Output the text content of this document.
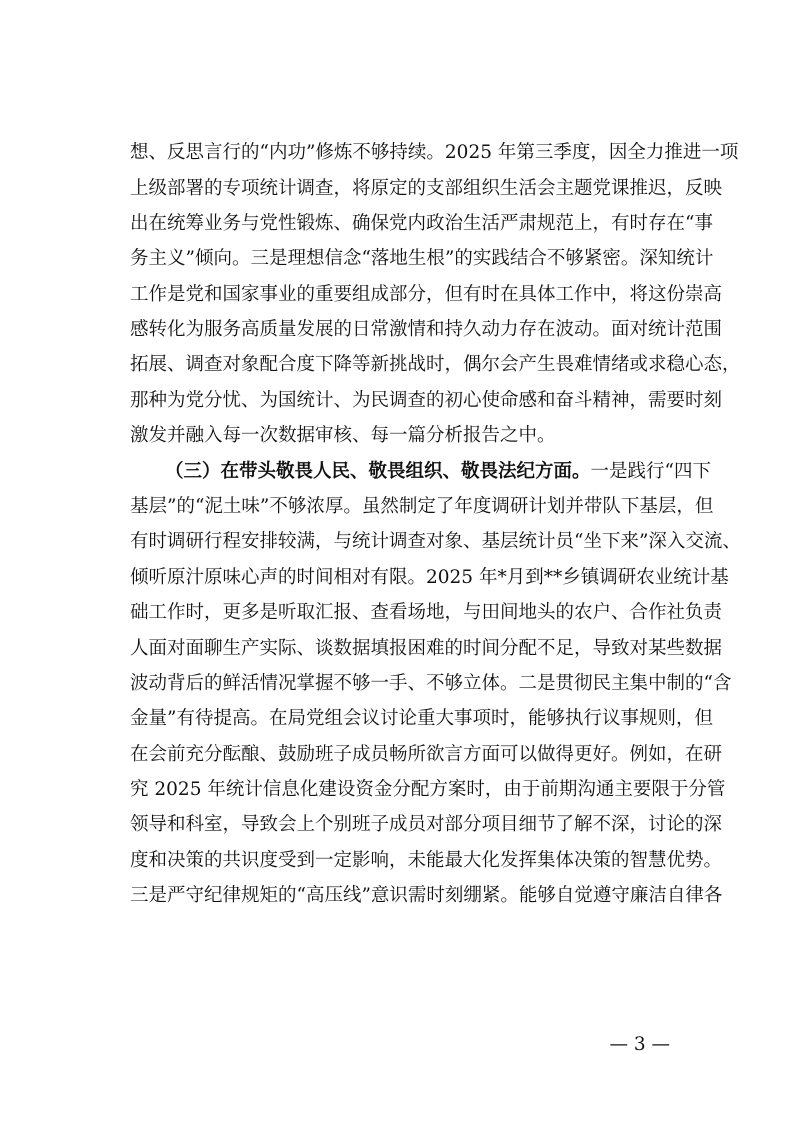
想、反思言行的“内功”修炼不够持续。2025 年第三季度，因全力推进一项
上级部署的专项统计调查，将原定的支部组织生活会主题党课推迟，反映
出在统筹业务与党性锻炼、确保党内政治生活严肃规范上，有时存在“事
务主义”倾向。三是理想信念“落地生根”的实践结合不够紧密。深知统计
工作是党和国家事业的重要组成部分，但有时在具体工作中，将这份崇高
感转化为服务高质量发展的日常激情和持久动力存在波动。面对统计范围
拓展、调查对象配合度下降等新挑战时，偶尔会产生畏难情绪或求稳心态，
那种为党分忧、为国统计、为民调查的初心使命感和奋斗精神，需要时刻
激发并融入每一次数据审核、每一篇分析报告之中。
（三）在带头敬畏人民、敬畏组织、敬畏法纪方面。一是践行“四下
基层”的“泥土味”不够浓厚。虽然制定了年度调研计划并带队下基层，但
有时调研行程安排较满，与统计调查对象、基层统计员“坐下来”深入交流、
倾听原汁原味心声的时间相对有限。2025 年*月到**乡镇调研农业统计基
础工作时，更多是听取汇报、查看场地，与田间地头的农户、合作社负责
人面对面聊生产实际、谈数据填报困难的时间分配不足，导致对某些数据
波动背后的鲜活情况掌握不够一手、不够立体。二是贯彻民主集中制的“含
金量”有待提高。在局党组会议讨论重大事项时，能够执行议事规则，但
在会前充分酝酿、鼓励班子成员畅所欲言方面可以做得更好。例如，在研
究 2025 年统计信息化建设资金分配方案时，由于前期沟通主要限于分管
领导和科室，导致会上个别班子成员对部分项目细节了解不深，讨论的深
度和决策的共识度受到一定影响，未能最大化发挥集体决策的智慧优势。
三是严守纪律规矩的“高压线”意识需时刻绷紧。能够自觉遵守廉洁自律各
— 3 —
